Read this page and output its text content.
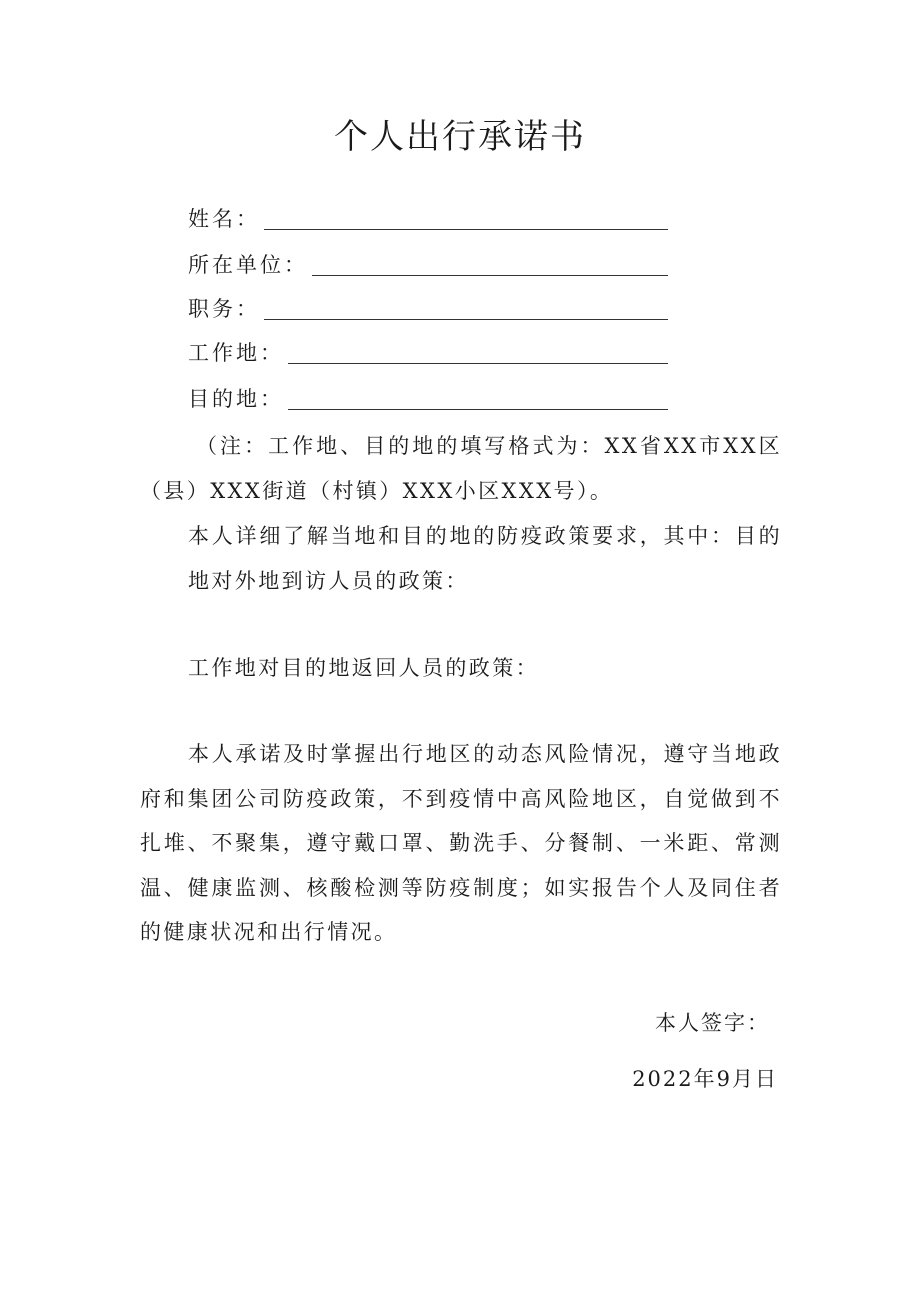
个人出行承诺书
姓名：
所在单位：
职务：
工作地：
目的地：

（注：工作地、目的地的填写格式为：XX省XX市XX区（县）XXX街道（村镇）XXX小区XXX号）。

本人详细了解当地和目的地的防疫政策要求，其中：目的地对外地到访人员的政策：

工作地对目的地返回人员的政策：

本人承诺及时掌握出行地区的动态风险情况，遵守当地政府和集团公司防疫政策，不到疫情中高风险地区，自觉做到不扎堆、不聚集，遵守戴口罩、勤洗手、分餐制、一米距、常测温、健康监测、核酸检测等防疫制度；如实报告个人及同住者的健康状况和出行情况。

本人签字：
2022年9月日
